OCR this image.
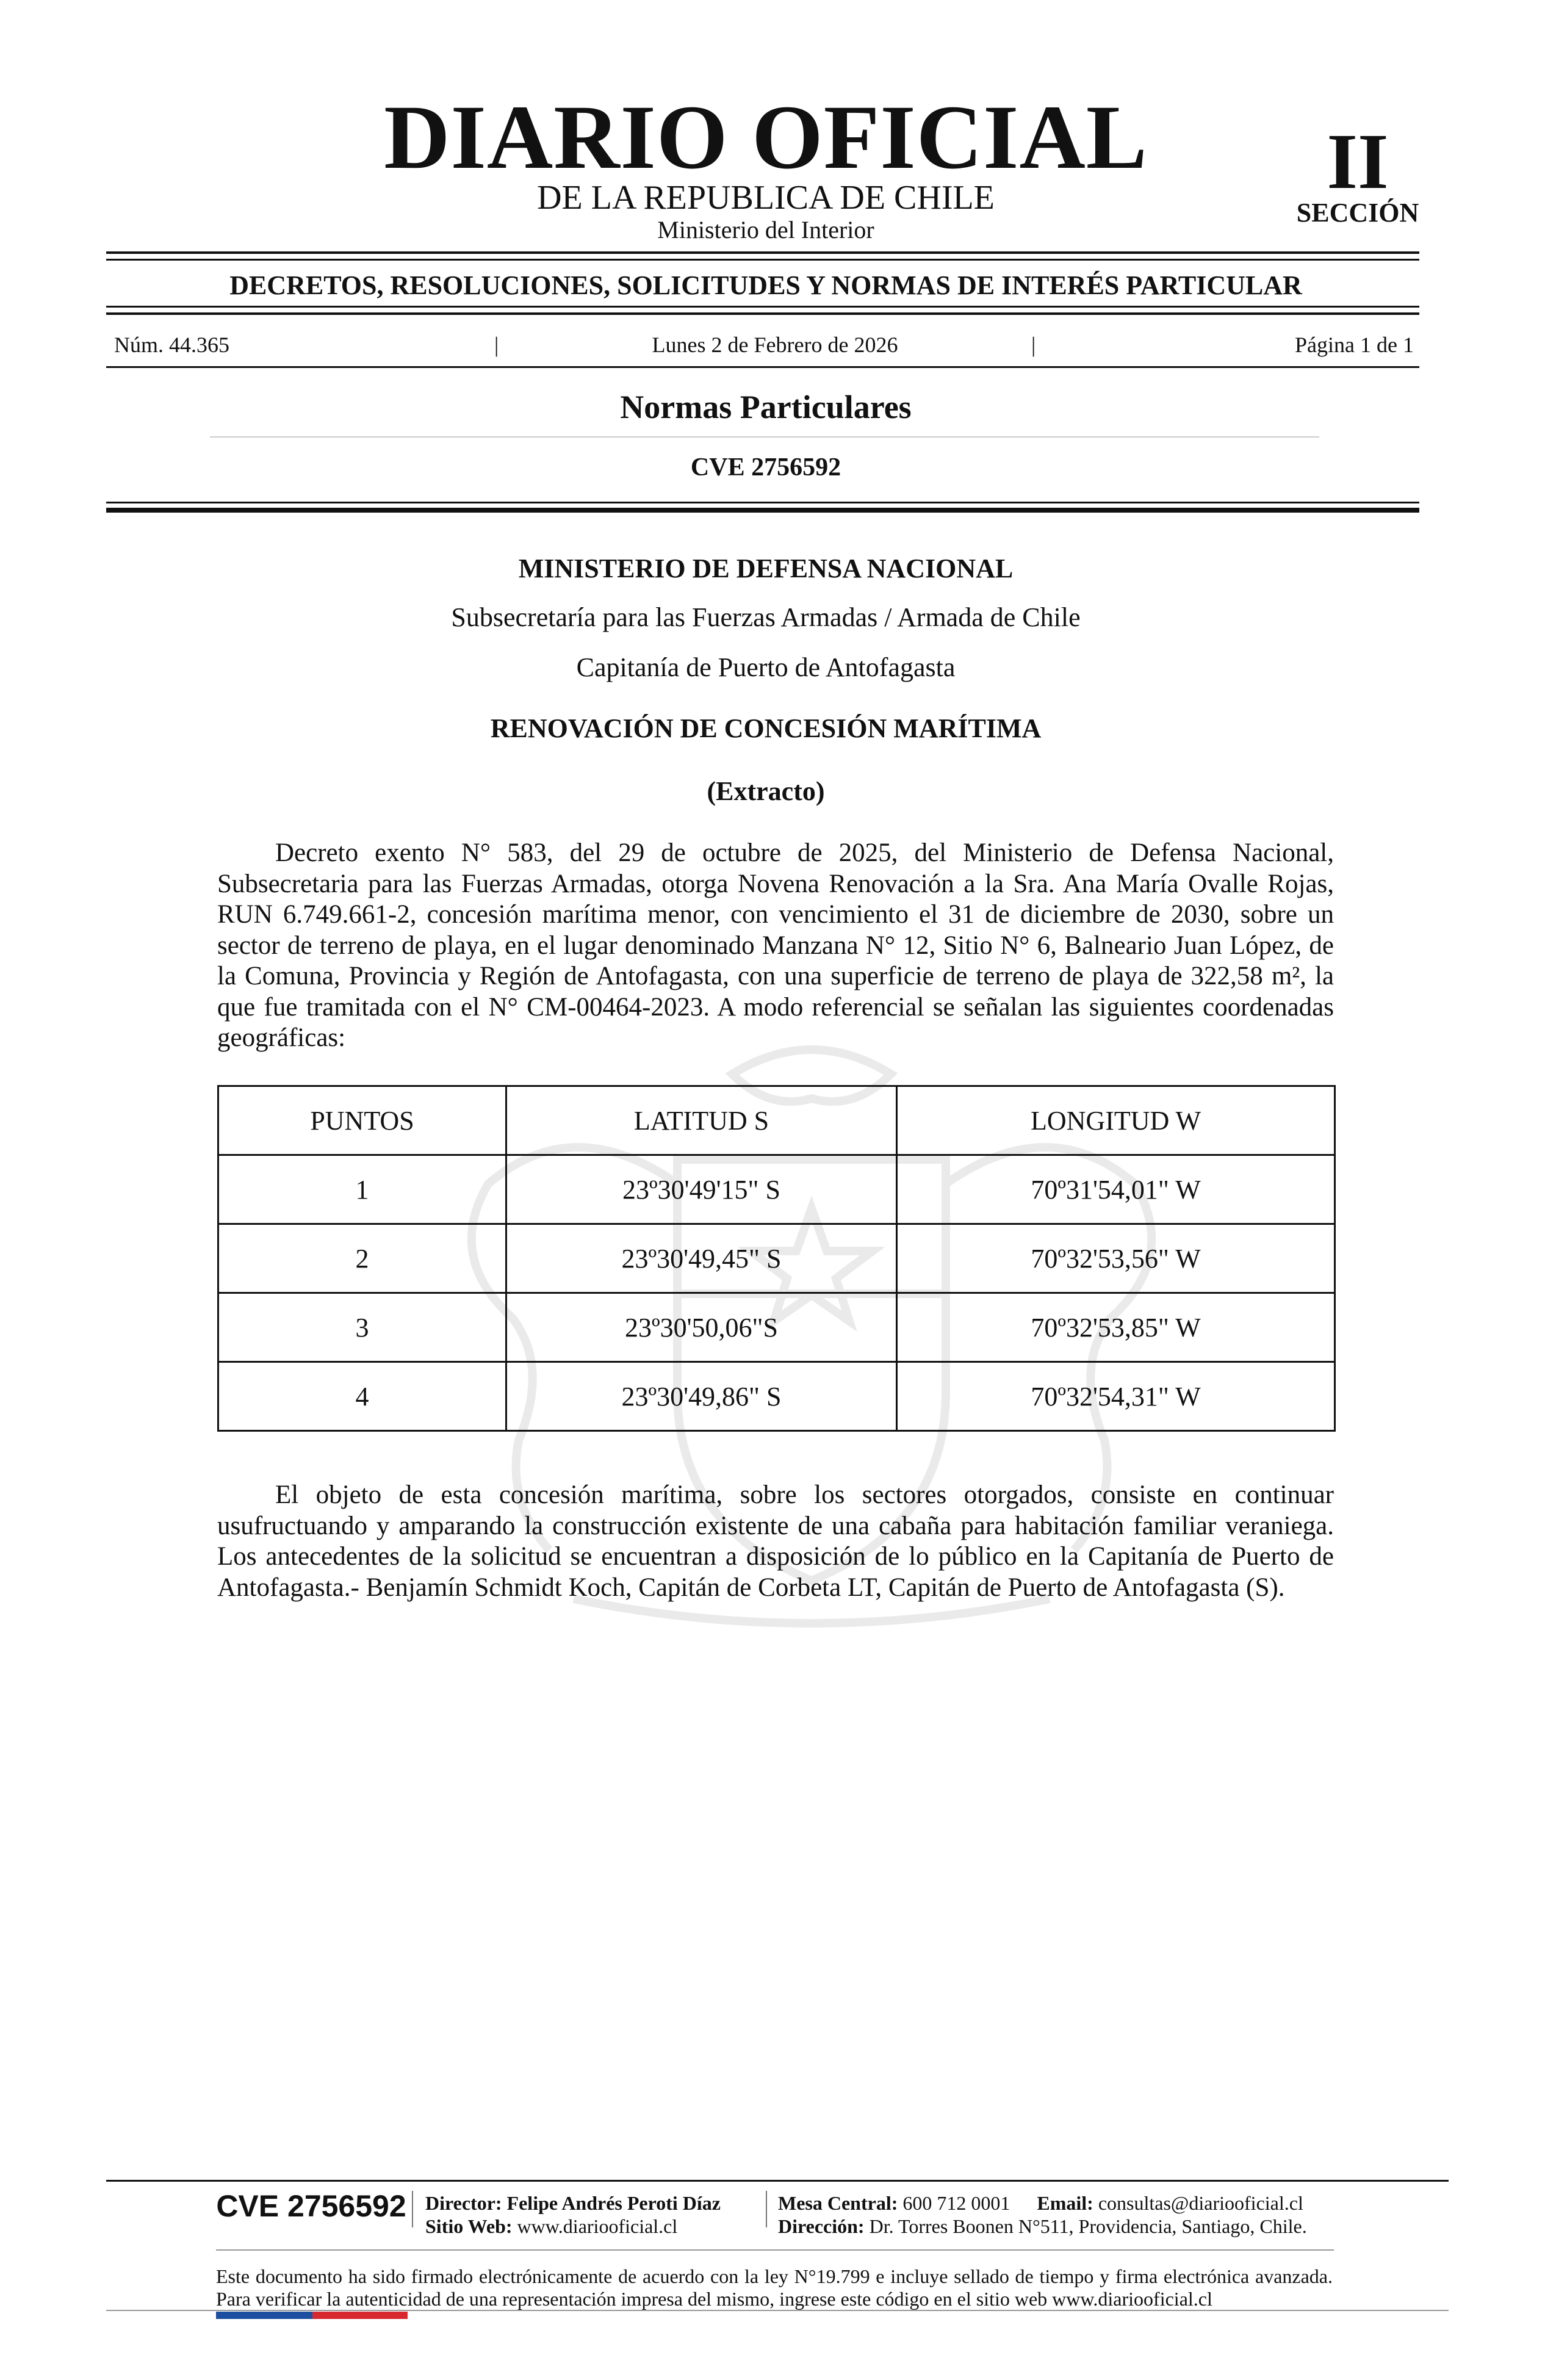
DIARIO OFICIAL
DE LA REPUBLICA DE CHILE
Ministerio del Interior
II
SECCIÓN
DECRETOS, RESOLUCIONES, SOLICITUDES Y NORMAS DE INTERÉS PARTICULAR
Núm. 44.365	|	Lunes 2 de Febrero de 2026	|	Página 1 de 1
Normas Particulares
CVE 2756592
MINISTERIO DE DEFENSA NACIONAL
Subsecretaría para las Fuerzas Armadas / Armada de Chile
Capitanía de Puerto de Antofagasta
RENOVACIÓN DE CONCESIÓN MARÍTIMA
(Extracto)

Decreto exento N° 583, del 29 de octubre de 2025, del Ministerio de Defensa Nacional, Subsecretaria para las Fuerzas Armadas, otorga Novena Renovación a la Sra. Ana María Ovalle Rojas, RUN 6.749.661-2, concesión marítima menor, con vencimiento el 31 de diciembre de 2030, sobre un sector de terreno de playa, en el lugar denominado Manzana N° 12, Sitio N° 6, Balneario Juan López, de la Comuna, Provincia y Región de Antofagasta, con una superficie de terreno de playa de 322,58 m², la que fue tramitada con el N° CM-00464-2023. A modo referencial se señalan las siguientes coordenadas geográficas:

PUNTOS	LATITUD S	LONGITUD W
1	23º30'49'15" S	70º31'54,01" W
2	23º30'49,45" S	70º32'53,56" W
3	23º30'50,06"S	70º32'53,85" W
4	23º30'49,86" S	70º32'54,31" W

El objeto de esta concesión marítima, sobre los sectores otorgados, consiste en continuar usufructuando y amparando la construcción existente de una cabaña para habitación familiar veraniega. Los antecedentes de la solicitud se encuentran a disposición de lo público en la Capitanía de Puerto de Antofagasta.- Benjamín Schmidt Koch, Capitán de Corbeta LT, Capitán de Puerto de Antofagasta (S).

CVE 2756592 Director: Felipe Andrés Peroti Díaz
Sitio Web: www.diariooficial.cl
Mesa Central: 600 712 0001 Email: consultas@diariooficial.cl
Dirección: Dr. Torres Boonen N°511, Providencia, Santiago, Chile.

Este documento ha sido firmado electrónicamente de acuerdo con la ley N°19.799 e incluye sellado de tiempo y firma electrónica avanzada. Para verificar la autenticidad de una representación impresa del mismo, ingrese este código en el sitio web www.diariooficial.cl
